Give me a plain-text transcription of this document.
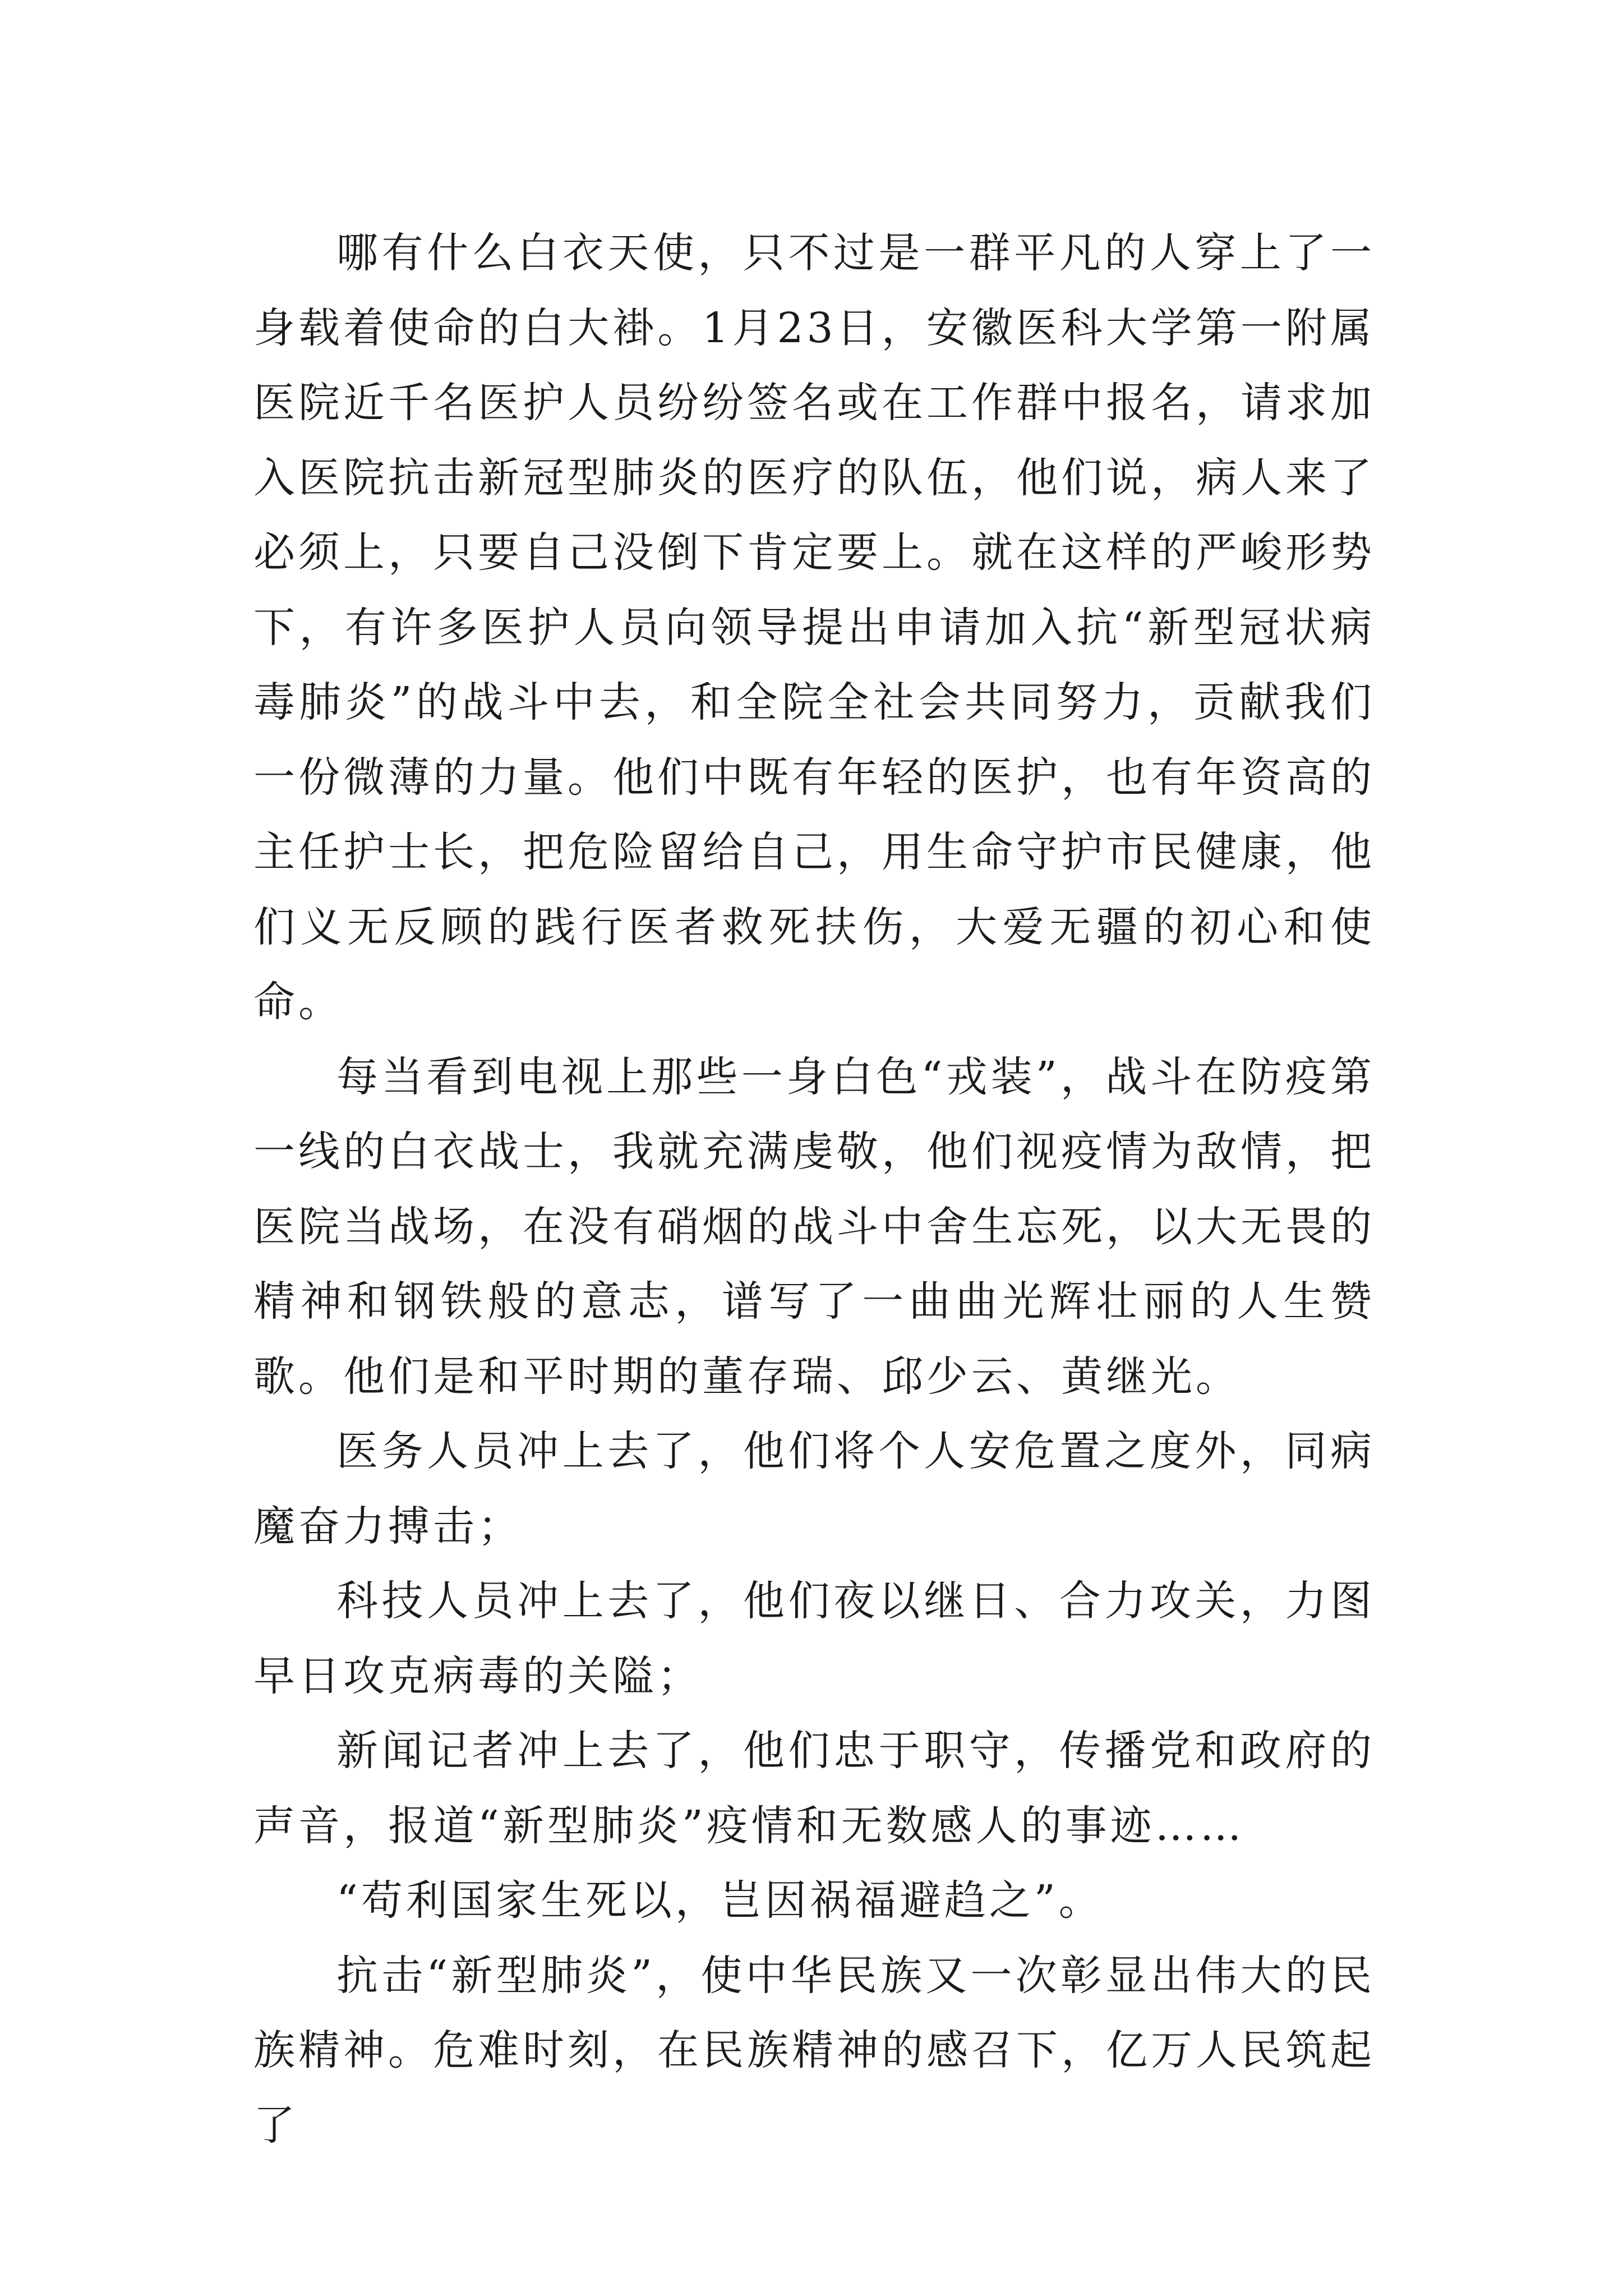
哪有什么白衣天使，只不过是一群平凡的人穿上了一身载着使命的白大褂。1月23日，安徽医科大学第一附属医院近千名医护人员纷纷签名或在工作群中报名，请求加入医院抗击新冠型肺炎的医疗的队伍，他们说，病人来了必须上，只要自己没倒下肯定要上。就在这样的严峻形势下，有许多医护人员向领导提出申请加入抗“新型冠状病毒肺炎”的战斗中去，和全院全社会共同努力，贡献我们一份微薄的力量。他们中既有年轻的医护，也有年资高的主任护士长，把危险留给自己，用生命守护市民健康，他们义无反顾的践行医者救死扶伤，大爱无疆的初心和使命。

每当看到电视上那些一身白色“戎装”，战斗在防疫第一线的白衣战士，我就充满虔敬，他们视疫情为敌情，把医院当战场，在没有硝烟的战斗中舍生忘死，以大无畏的精神和钢铁般的意志，谱写了一曲曲光辉壮丽的人生赞歌。他们是和平时期的董存瑞、邱少云、黄继光。

医务人员冲上去了，他们将个人安危置之度外，同病魔奋力搏击；

科技人员冲上去了，他们夜以继日、合力攻关，力图早日攻克病毒的关隘；

新闻记者冲上去了，他们忠于职守，传播党和政府的声音，报道“新型肺炎”疫情和无数感人的事迹……

“苟利国家生死以，岂因祸福避趋之”。

抗击“新型肺炎”，使中华民族又一次彰显出伟大的民族精神。危难时刻，在民族精神的感召下，亿万人民筑起了
